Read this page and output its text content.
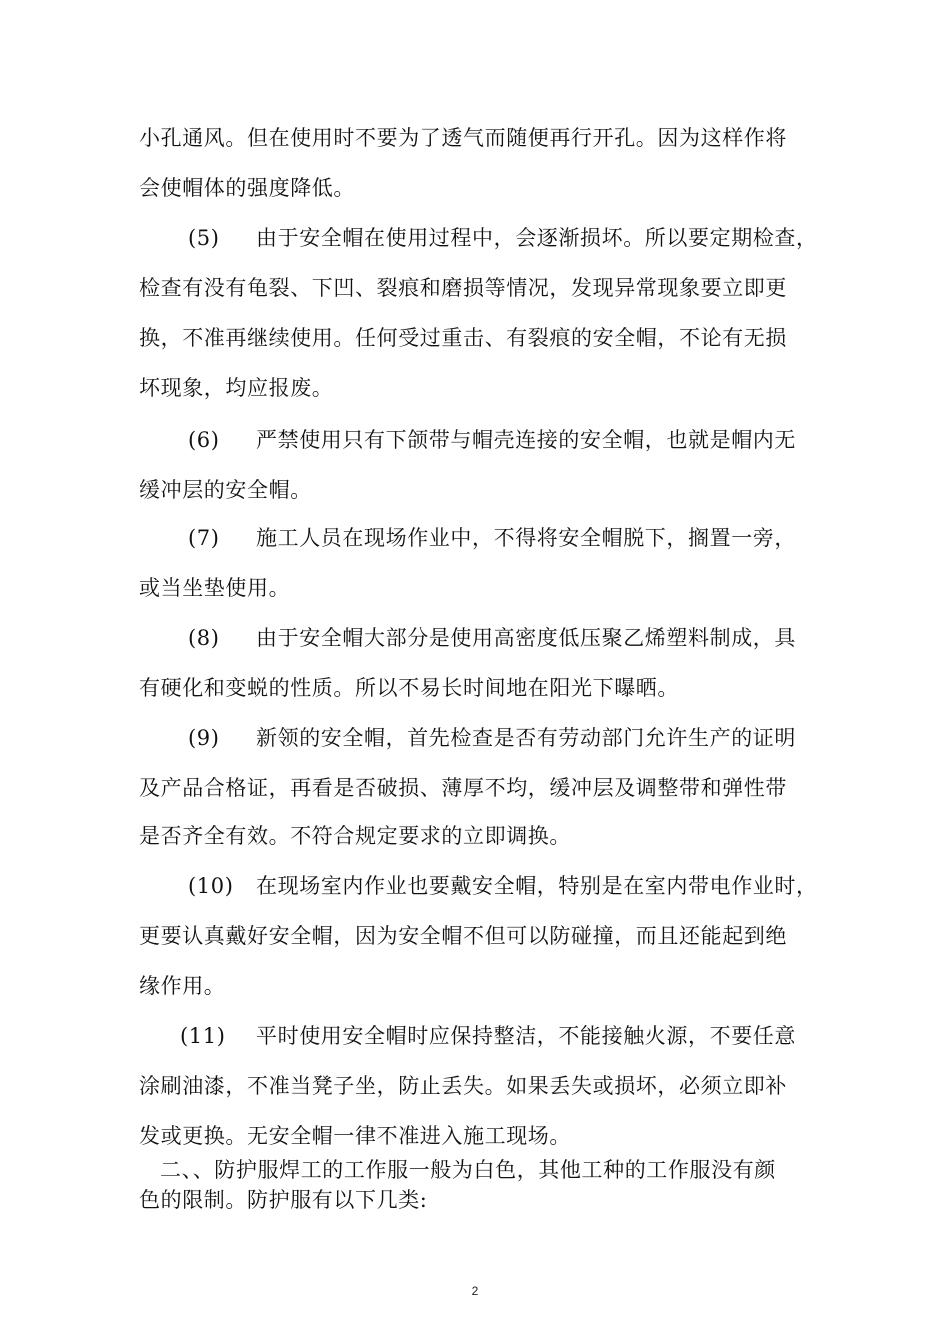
小孔通风。但在使用时不要为了透气而随便再行开孔。因为这样作将
会使帽体的强度降低。
(5) 由于安全帽在使用过程中，会逐渐损坏。所以要定期检查，
检查有没有龟裂、下凹、裂痕和磨损等情况，发现异常现象要立即更
换，不准再继续使用。任何受过重击、有裂痕的安全帽，不论有无损
坏现象，均应报废。
(6) 严禁使用只有下颌带与帽壳连接的安全帽，也就是帽内无
缓冲层的安全帽。
(7) 施工人员在现场作业中，不得将安全帽脱下，搁置一旁，
或当坐垫使用。
(8) 由于安全帽大部分是使用高密度低压聚乙烯塑料制成，具
有硬化和变蜕的性质。所以不易长时间地在阳光下曝晒。
(9) 新领的安全帽，首先检查是否有劳动部门允许生产的证明
及产品合格证，再看是否破损、薄厚不均，缓冲层及调整带和弹性带
是否齐全有效。不符合规定要求的立即调换。
(10) 在现场室内作业也要戴安全帽，特别是在室内带电作业时，
更要认真戴好安全帽，因为安全帽不但可以防碰撞，而且还能起到绝
缘作用。
(11) 平时使用安全帽时应保持整洁，不能接触火源，不要任意
涂刷油漆，不准当凳子坐，防止丢失。如果丢失或损坏，必须立即补
发或更换。无安全帽一律不准进入施工现场。
二、、防护服焊工的工作服一般为白色，其他工种的工作服没有颜
色的限制。防护服有以下几类:
2
